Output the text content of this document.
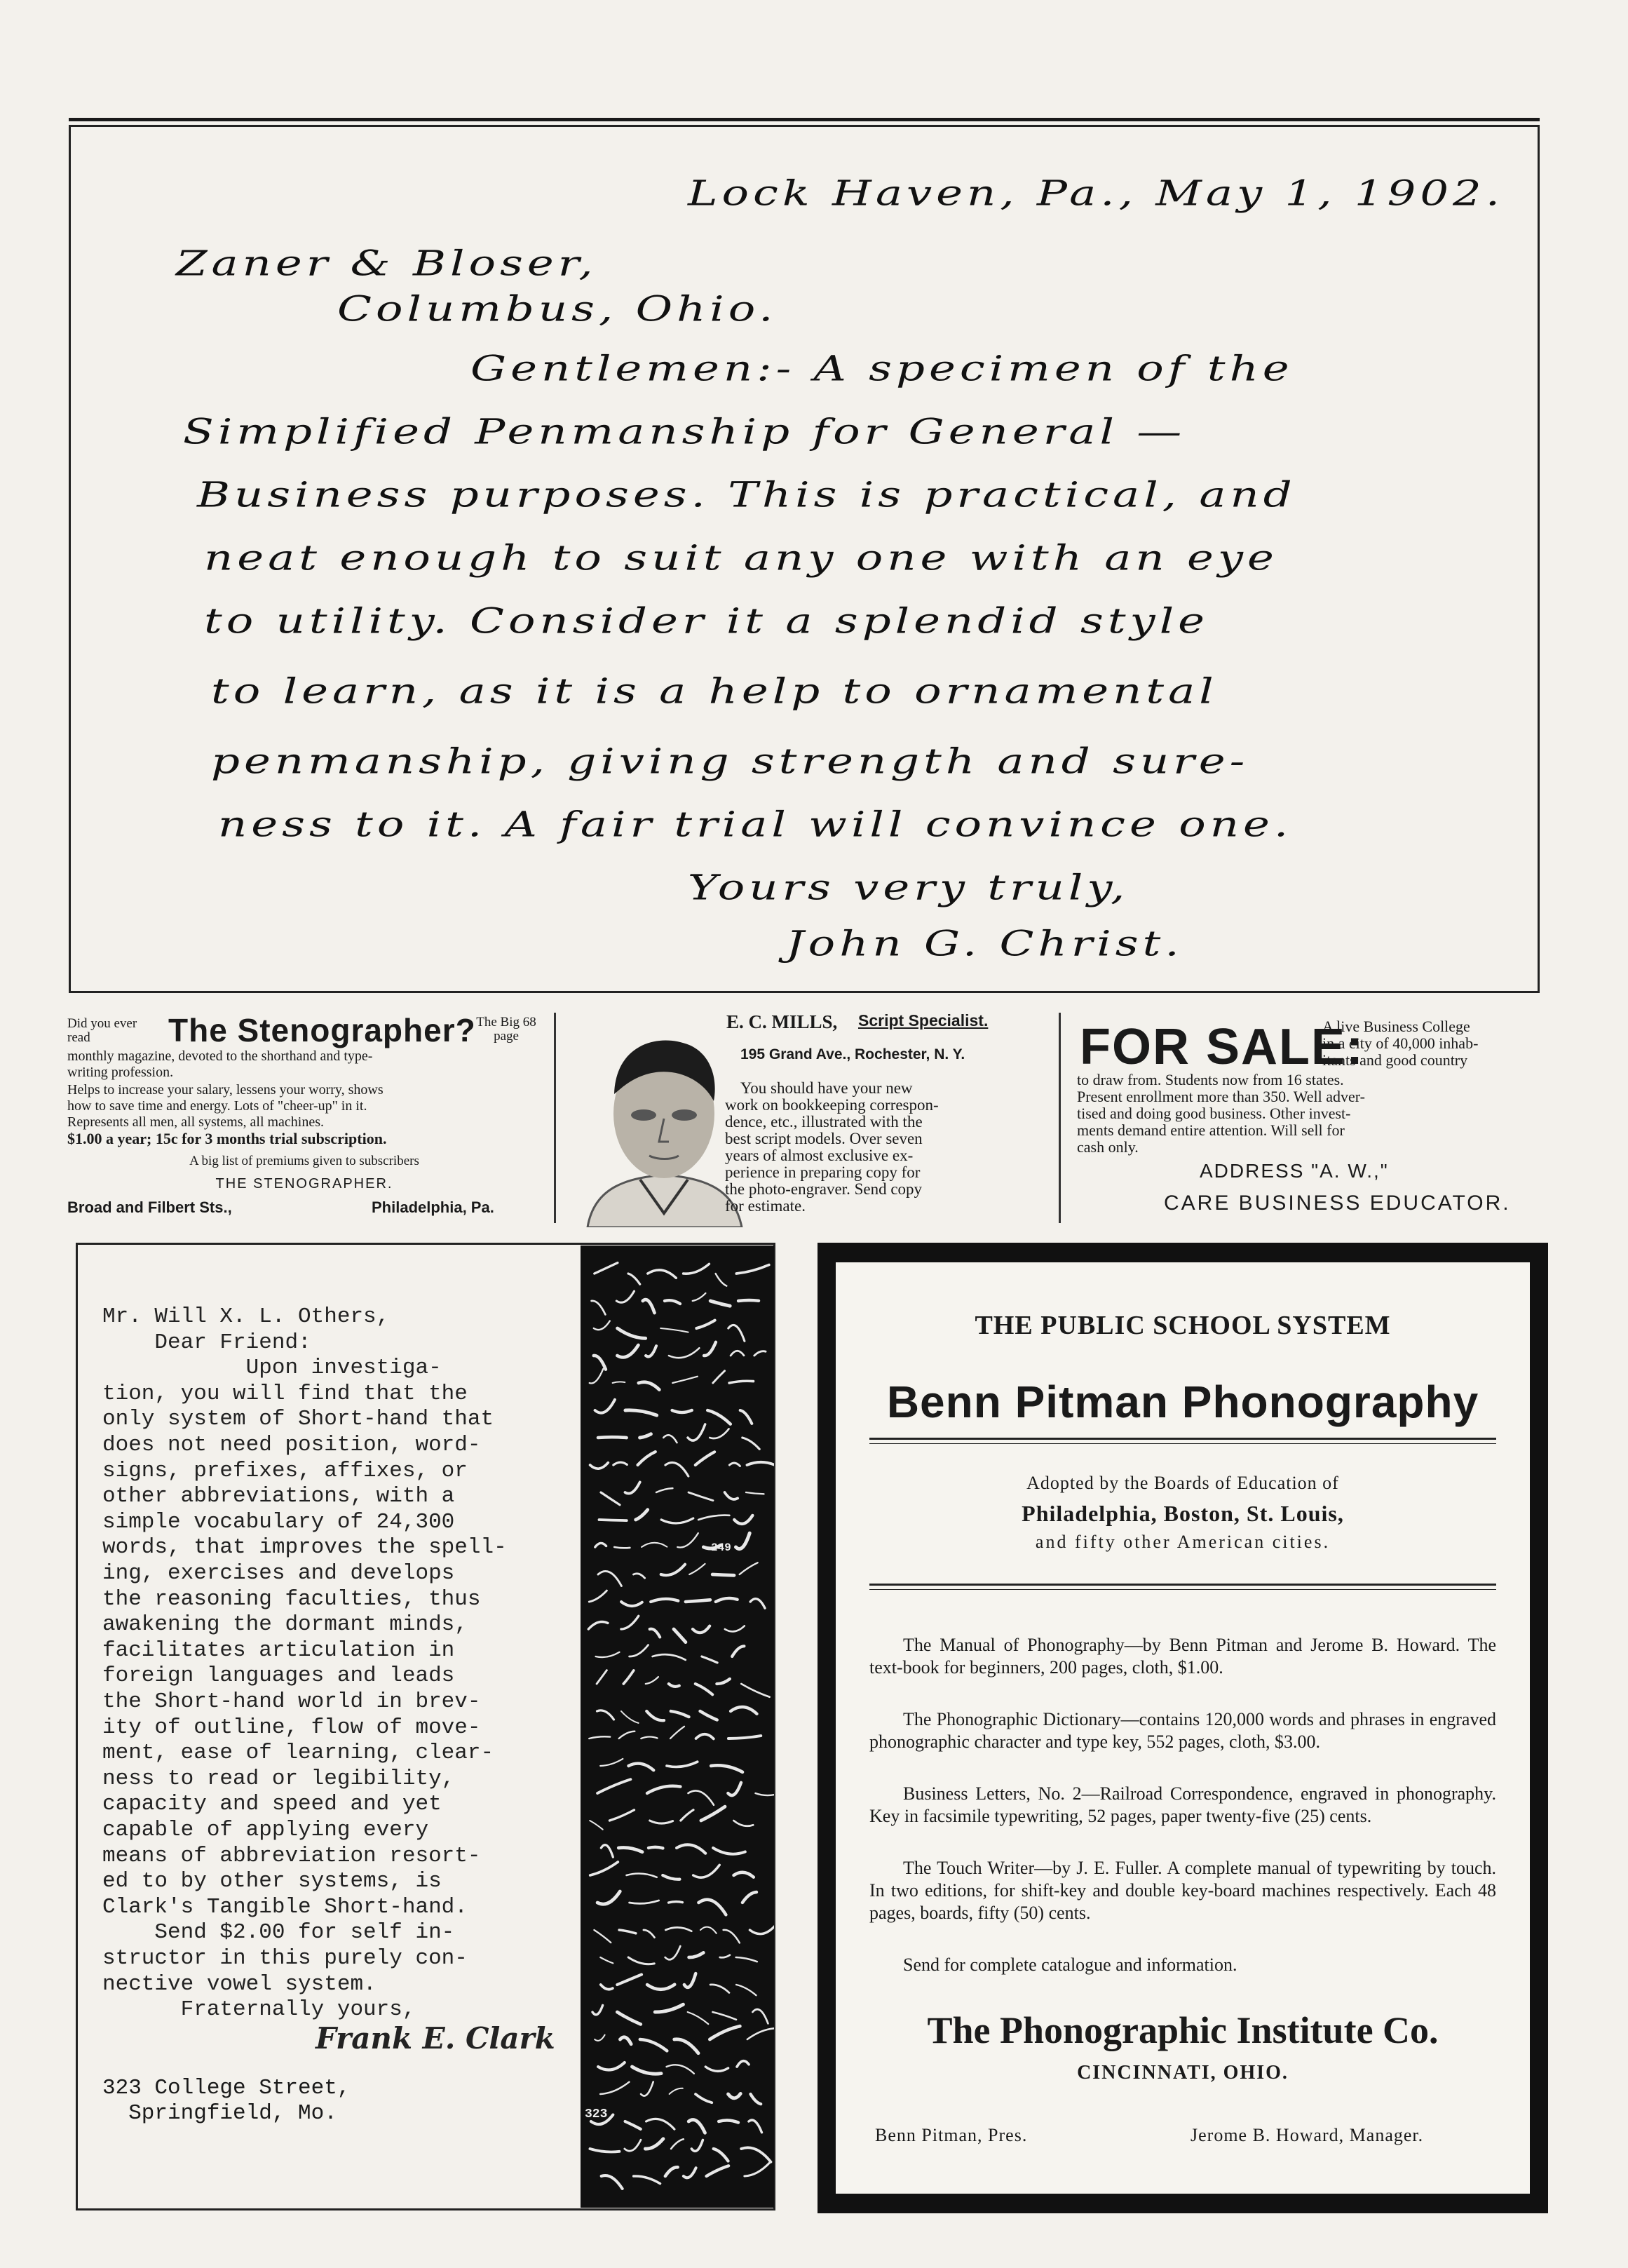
Lock Haven, Pa., May 1, 1902.
Zaner & Bloser,
Columbus, Ohio.
Gentlemen:- A specimen of the
Simplified Penmanship for General —
Business purposes. This is practical, and
neat enough to suit any one with an eye
to utility. Consider it a splendid style
to learn, as it is a help to ornamental
penmanship, giving strength and sure-
ness to it. A fair trial will convince one.
Yours very truly,
John G. Christ.
Did you ever read	The Stenographer? The Big 68 page
monthly magazine, devoted to the shorthand and type-
writing profession.
Helps to increase your salary, lessens your worry, shows
how to save time and energy. Lots of "cheer-up" in it.
Represents all men, all systems, all machines.
$1.00 a year; 15c for 3 months trial subscription.
A big list of premiums given to subscribers
THE STENOGRAPHER.
Broad and Filbert Sts.,	Philadelphia, Pa.
E. C. MILLS, Script Specialist.
195 Grand Ave., Rochester, N. Y.
You should have your new
work on bookkeeping correspon-
dence, etc., illustrated with the
best script models. Over seven
years of almost exclusive ex-
perience in preparing copy for
the photo-engraver. Send copy
for estimate.
FOR SALE:
A live Business College
in a city of 40,000 inhab-
itants and good country
to draw from. Students now from 16 states.
Present enrollment more than 350. Well adver-
tised and doing good business. Other invest-
ments demand entire attention. Will sell for
cash only.
ADDRESS "A. W.,"
CARE BUSINESS EDUCATOR.
Mr. Will X. L. Others,
Dear Friend:
Upon investiga-
tion, you will find that the
only system of Short-hand that
does not need position, word-
signs, prefixes, affixes, or
other abbreviations, with a
simple vocabulary of 24,300
words, that improves the spell-
ing, exercises and develops
the reasoning faculties, thus
awakening the dormant minds,
facilitates articulation in
foreign languages and leads
the Short-hand world in brev-
ity of outline, flow of move-
ment, ease of learning, clear-
ness to read or legibility,
capacity and speed and yet
capable of applying every
means of abbreviation resort-
ed to by other systems, is
Clark's Tangible Short-hand.
Send $2.00 for self in-
structor in this purely con-
nective vowel system.
Fraternally yours,
Frank E. Clark
323 College Street,
Springfield, Mo.
249
323
THE PUBLIC SCHOOL SYSTEM
Benn Pitman Phonography
Adopted by the Boards of Education of
Philadelphia, Boston, St. Louis,
and fifty other American cities.
The Manual of Phonography—by Benn Pitman and Jerome B. Howard. The text-book for beginners, 200 pages, cloth, $1.00.
The Phonographic Dictionary—contains 120,000 words and phrases in engraved phonographic character and type key, 552 pages, cloth, $3.00.
Business Letters, No. 2—Railroad Correspondence, engraved in phonography. Key in facsimile typewriting, 52 pages, paper twenty-five (25) cents.
The Touch Writer—by J. E. Fuller. A complete manual of typewriting by touch. In two editions, for shift-key and double key-board machines respectively. Each 48 pages, boards, fifty (50) cents.
Send for complete catalogue and information.
The Phonographic Institute Co.
CINCINNATI, OHIO.
Benn Pitman, Pres.	Jerome B. Howard, Manager.
